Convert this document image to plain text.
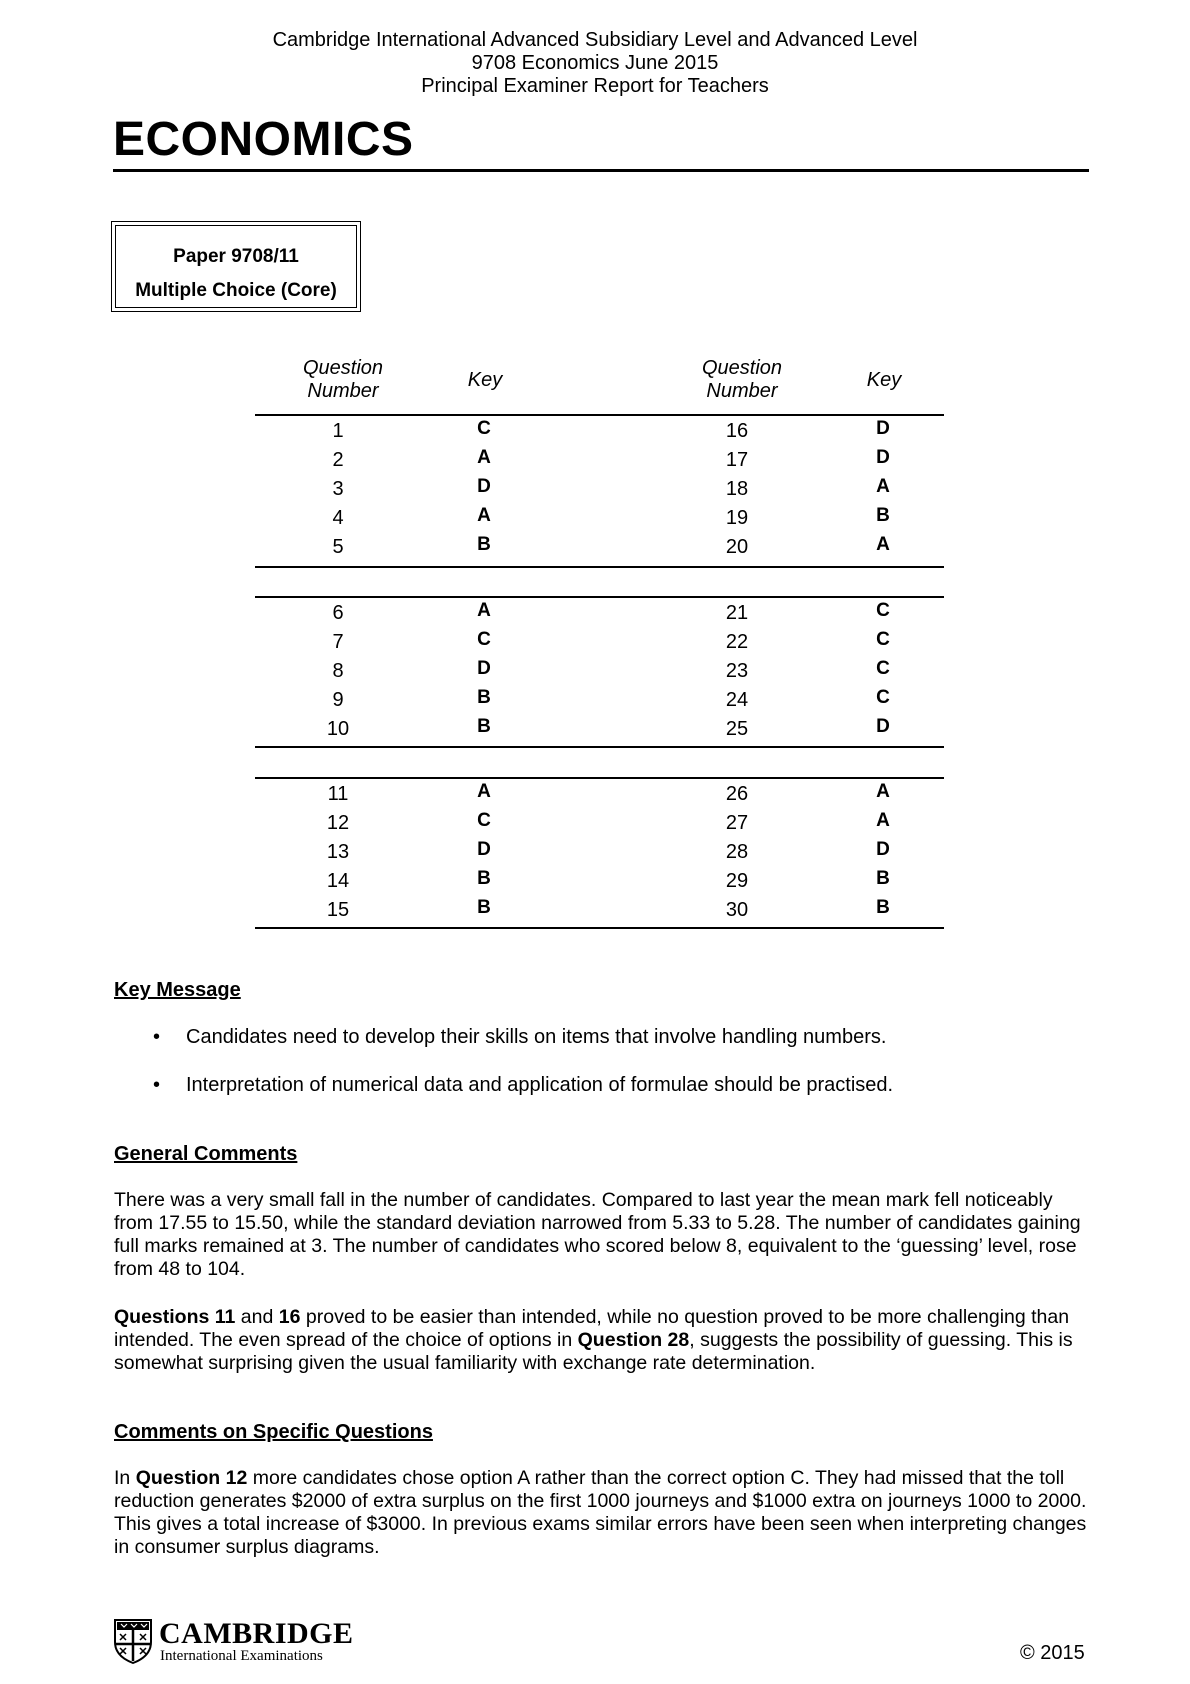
Cambridge International Advanced Subsidiary Level and Advanced Level
9708 Economics June 2015
Principal Examiner Report for Teachers
ECONOMICS
Paper 9708/11
Multiple Choice (Core)
Question
Number	Key
Question
Number	Key
1	C	16	D
2	A	17	D
3	D	18	A
4	A	19	B
5	B	20	A
6	A	21	C
7	C	22	C
8	D	23	C
9	B	24	C
10	B	25	D
11	A	26	A
12	C	27	A
13	D	28	D
14	B	29	B
15	B	30	B
Key Message
• Candidates need to develop their skills on items that involve handling numbers.
• Interpretation of numerical data and application of formulae should be practised.
General Comments
There was a very small fall in the number of candidates. Compared to last year the mean mark fell noticeably from 17.55 to 15.50, while the standard deviation narrowed from 5.33 to 5.28. The number of candidates gaining full marks remained at 3. The number of candidates who scored below 8, equivalent to the ‘guessing’ level, rose from 48 to 104.
Questions 11 and 16 proved to be easier than intended, while no question proved to be more challenging than intended. The even spread of the choice of options in Question 28, suggests the possibility of guessing. This is somewhat surprising given the usual familiarity with exchange rate determination.
Comments on Specific Questions
In Question 12 more candidates chose option A rather than the correct option C. They had missed that the toll reduction generates $2000 of extra surplus on the first 1000 journeys and $1000 extra on journeys 1000 to 2000. This gives a total increase of $3000. In previous exams similar errors have been seen when interpreting changes in consumer surplus diagrams.
CAMBRIDGE
International Examinations	© 2015
